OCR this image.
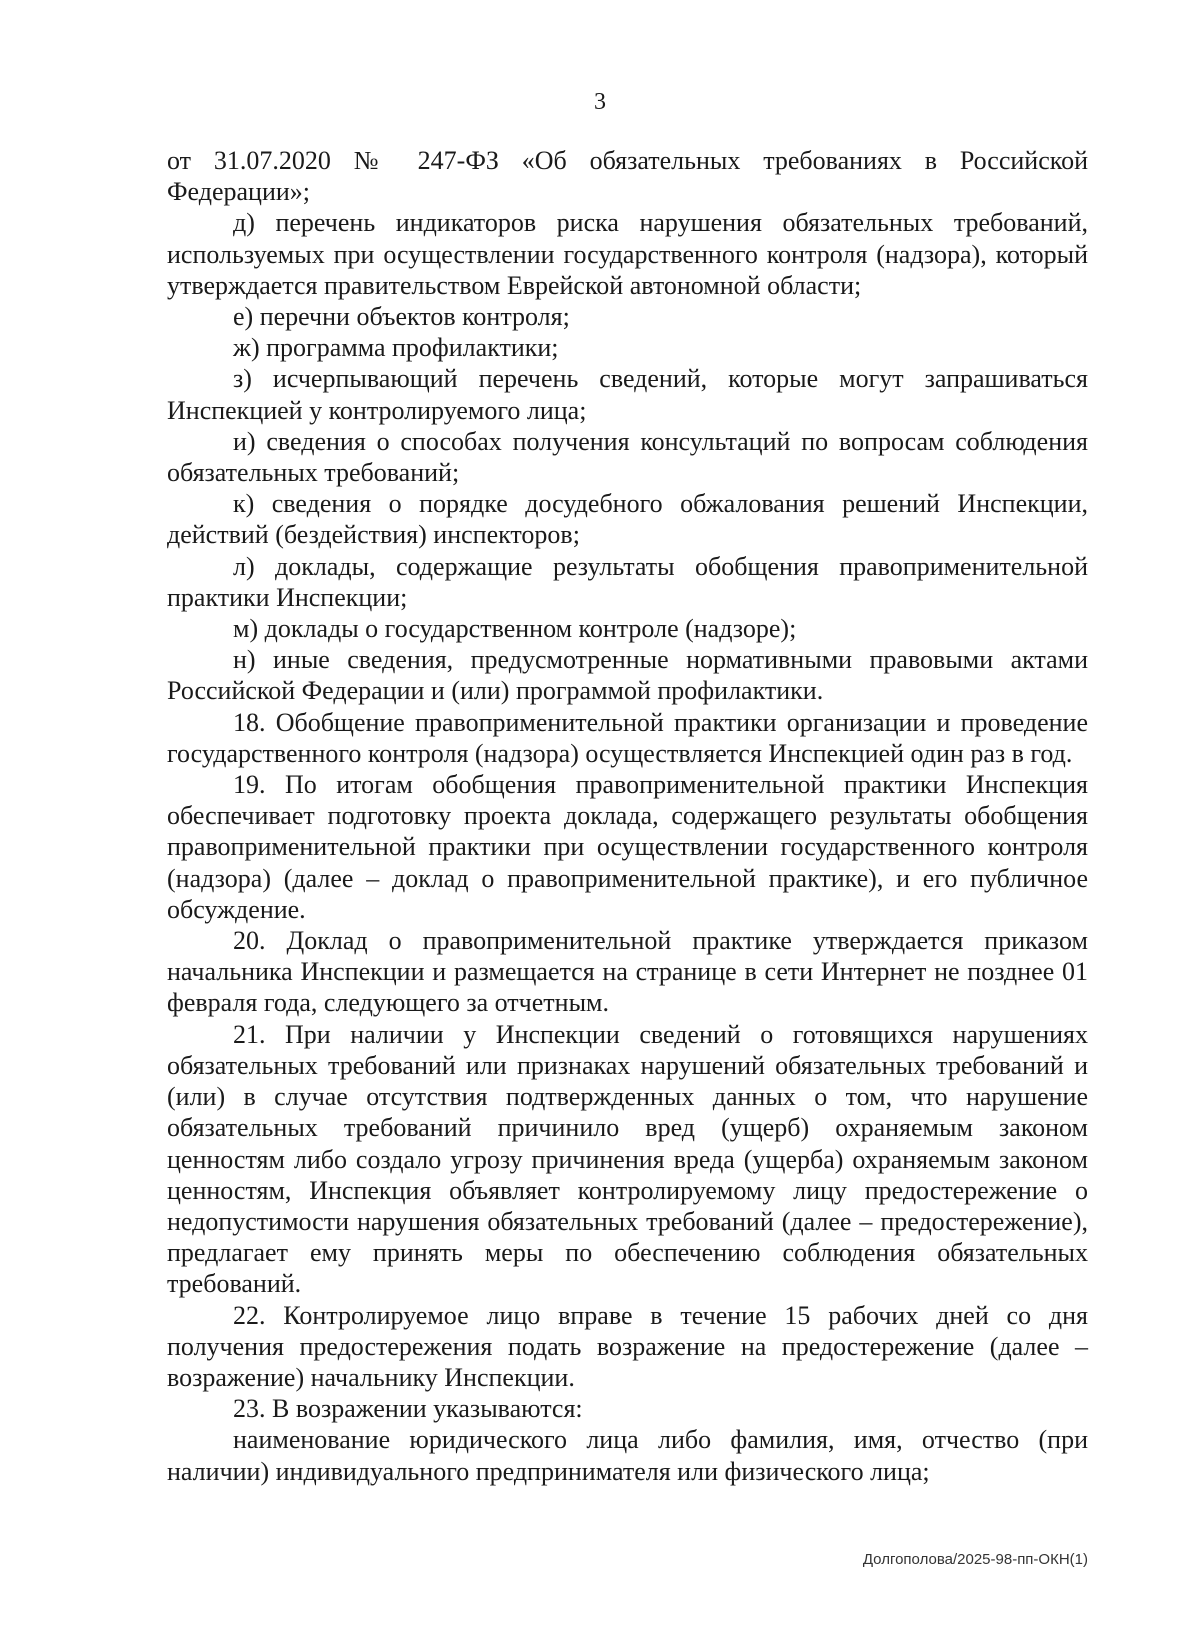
3

от 31.07.2020 № 247-ФЗ «Об обязательных требованиях в Российской Федерации»;

д) перечень индикаторов риска нарушения обязательных требований, используемых при осуществлении государственного контроля (надзора), который утверждается правительством Еврейской автономной области;

е) перечни объектов контроля;

ж) программа профилактики;

з) исчерпывающий перечень сведений, которые могут запрашиваться Инспекцией у контролируемого лица;

и) сведения о способах получения консультаций по вопросам соблюдения обязательных требований;

к) сведения о порядке досудебного обжалования решений Инспекции, действий (бездействия) инспекторов;

л) доклады, содержащие результаты обобщения правоприменительной практики Инспекции;

м) доклады о государственном контроле (надзоре);

н) иные сведения, предусмотренные нормативными правовыми актами Российской Федерации и (или) программой профилактики.

18. Обобщение правоприменительной практики организации и проведение государственного контроля (надзора) осуществляется Инспекцией один раз в год.

19. По итогам обобщения правоприменительной практики Инспекция обеспечивает подготовку проекта доклада, содержащего результаты обобщения правоприменительной практики при осуществлении государственного контроля (надзора) (далее – доклад о правоприменительной практике), и его публичное обсуждение.

20. Доклад о правоприменительной практике утверждается приказом начальника Инспекции и размещается на странице в сети Интернет не позднее 01 февраля года, следующего за отчетным.

21. При наличии у Инспекции сведений о готовящихся нарушениях обязательных требований или признаках нарушений обязательных требований и (или) в случае отсутствия подтвержденных данных о том, что нарушение обязательных требований причинило вред (ущерб) охраняемым законом ценностям либо создало угрозу причинения вреда (ущерба) охраняемым законом ценностям, Инспекция объявляет контролируемому лицу предостережение о недопустимости нарушения обязательных требований (далее – предостережение), предлагает ему принять меры по обеспечению соблюдения обязательных требований.

22. Контролируемое лицо вправе в течение 15 рабочих дней со дня получения предостережения подать возражение на предостережение (далее – возражение) начальнику Инспекции.

23. В возражении указываются:

наименование юридического лица либо фамилия, имя, отчество (при наличии) индивидуального предпринимателя или физического лица;

Долгополова/2025-98-пп-ОКН(1)
